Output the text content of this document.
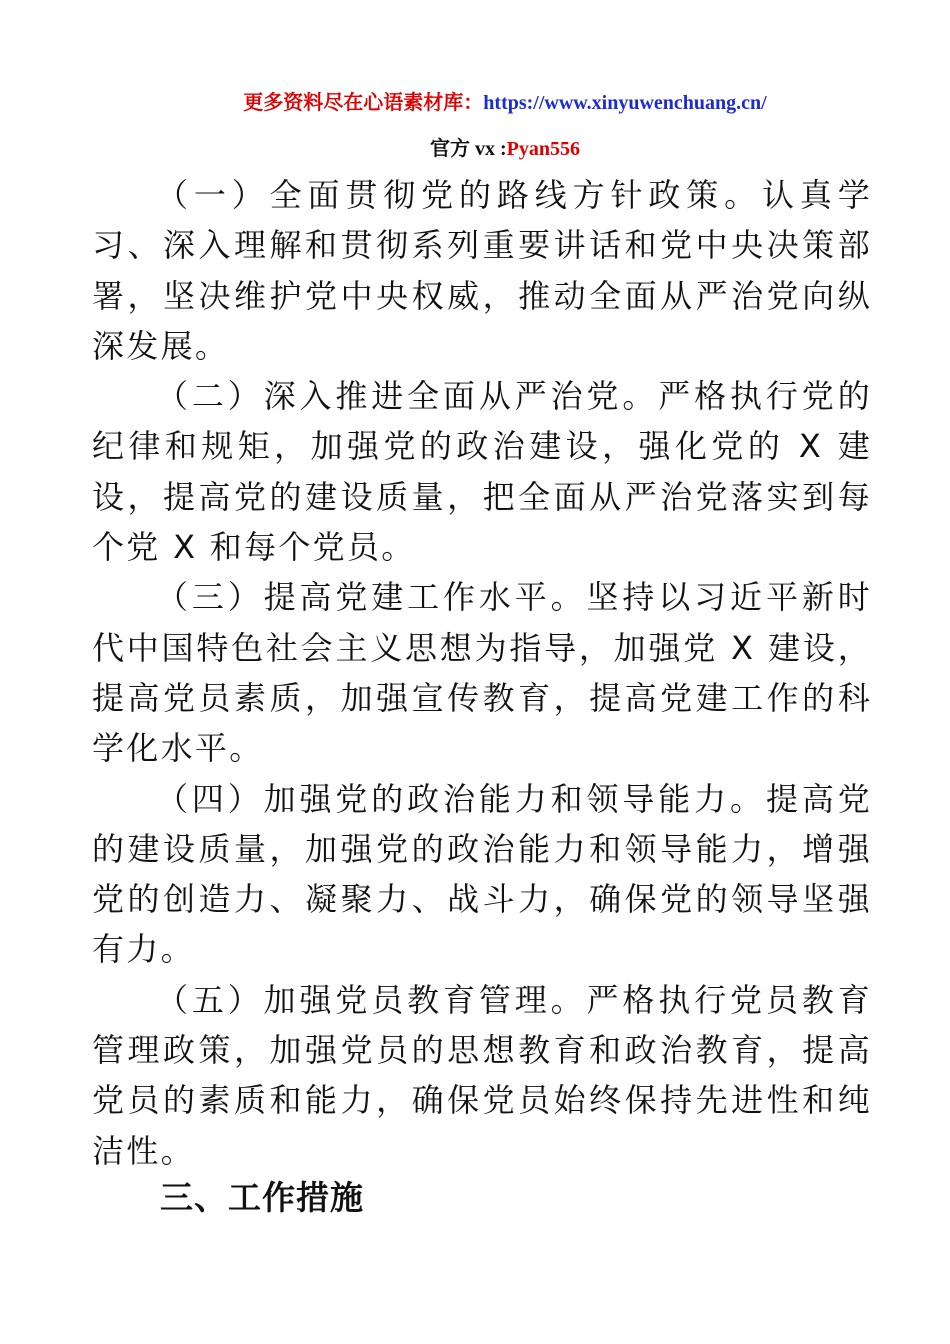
更多资料尽在心语素材库：https://www.xinyuwenchuang.cn/
官方 vx :Pyan556

（一）全面贯彻党的路线方针政策。认真学习、深入理解和贯彻系列重要讲话和党中央决策部署，坚决维护党中央权威，推动全面从严治党向纵深发展。

（二）深入推进全面从严治党。严格执行党的纪律和规矩，加强党的政治建设，强化党的 X 建设，提高党的建设质量，把全面从严治党落实到每个党 X 和每个党员。

（三）提高党建工作水平。坚持以习近平新时代中国特色社会主义思想为指导，加强党 X 建设，提高党员素质，加强宣传教育，提高党建工作的科学化水平。

（四）加强党的政治能力和领导能力。提高党的建设质量，加强党的政治能力和领导能力，增强党的创造力、凝聚力、战斗力，确保党的领导坚强有力。

（五）加强党员教育管理。严格执行党员教育管理政策，加强党员的思想教育和政治教育，提高党员的素质和能力，确保党员始终保持先进性和纯洁性。

三、工作措施
